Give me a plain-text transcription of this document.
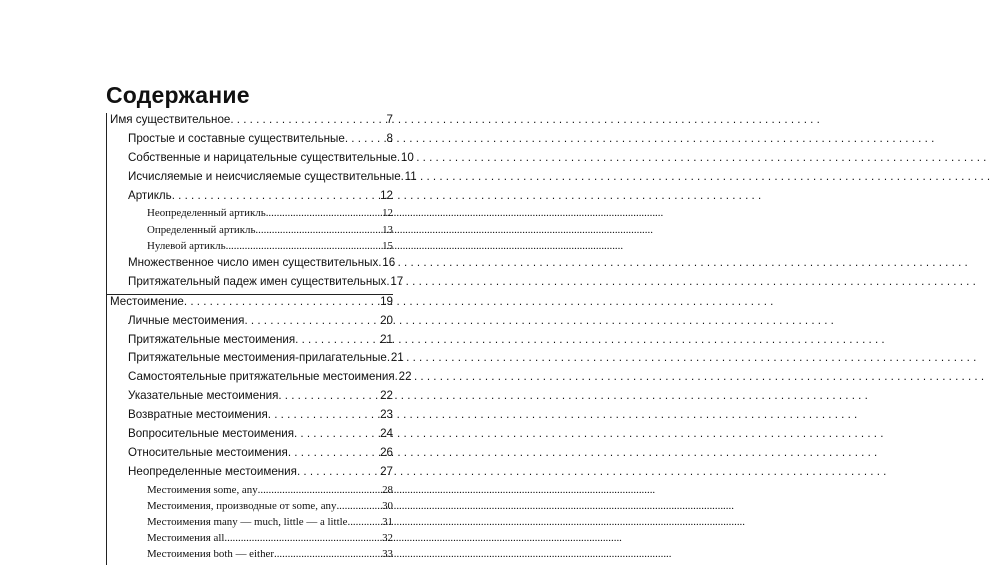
Содержание
Имя существительное . . .	7
Простые и составные существительные . . .	8
Собственные и нарицательные существительные . . . 10
Исчисляемые и неисчисляемые существительные . . . 11
Артикль . . .	12
Неопределенный артикль .....	12
Определенный артикль .....	13
Нулевой артикль .....	15
Множественное число имен существительных . . . 16
Притяжательный падеж имен существительных . . . 17
Местоимение . . .	19
Личные местоимения . . .	20
Притяжательные местоимения . . .	21
Притяжательные местоимения-прилагательные . . . 21
Самостоятельные притяжательные местоимения . . . 22
Указательные местоимения . . .	22
Возвратные местоимения . . .	23
Вопросительные местоимения . . .	24
Относительные местоимения . . .	26
Неопределенные местоимения . . .	27
Местоимения some, any .....	28
Местоимения, производные от some, any .....	30
Местоимения many — much, little — a little .....	31
Местоимения all .....	32
Местоимения both — either .....	33
